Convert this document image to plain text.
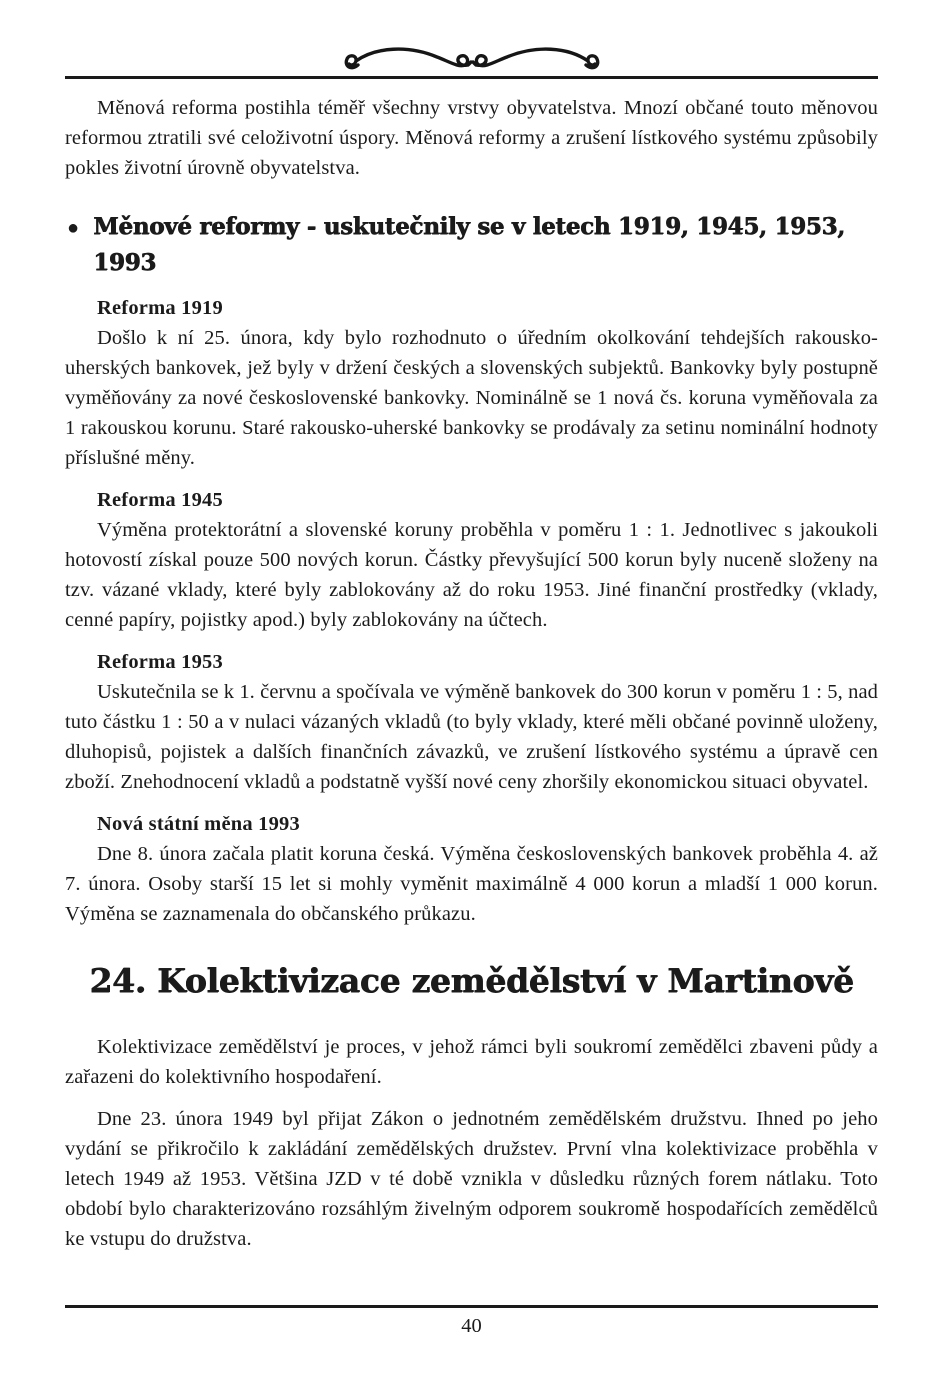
Měnová reforma postihla téměř všechny vrstvy obyvatelstva. Mnozí občané touto měnovou reformou ztratili své celoživotní úspory. Měnová reformy a zrušení lístkového systému způsobily pokles životní úrovně obyvatelstva.

● Měnové reformy - uskutečnily se v letech 1919, 1945, 1953, 1993
Reforma 1919

Došlo k ní 25. února, kdy bylo rozhodnuto o úředním okolkování tehdejších rakousko-uherských bankovek, jež byly v držení českých a slovenských subjektů. Bankovky byly postupně vyměňovány za nové československé bankovky. Nominálně se 1 nová čs. koruna vyměňovala za 1 rakouskou korunu. Staré rakousko-uherské bankovky se prodávaly za setinu nominální hodnoty příslušné měny.

Reforma 1945

Výměna protektorátní a slovenské koruny proběhla v poměru 1 : 1. Jednotlivec s jakoukoli hotovostí získal pouze 500 nových korun. Částky převyšující 500 korun byly nuceně složeny na tzv. vázané vklady, které byly zablokovány až do roku 1953. Jiné finanční prostředky (vklady, cenné papíry, pojistky apod.) byly zablokovány na účtech.

Reforma 1953

Uskutečnila se k 1. červnu a spočívala ve výměně bankovek do 300 korun v poměru 1 : 5, nad tuto částku 1 : 50 a v nulaci vázaných vkladů (to byly vklady, které měli občané povinně uloženy, dluhopisů, pojistek a dalších finančních závazků, ve zrušení lístkového systému a úpravě cen zboží. Znehodnocení vkladů a podstatně vyšší nové ceny zhoršily ekonomickou situaci obyvatel.

Nová státní měna 1993

Dne 8. února začala platit koruna česká. Výměna československých bankovek proběhla 4. až 7. února. Osoby starší 15 let si mohly vyměnit maximálně 4 000 korun a mladší 1 000 korun. Výměna se zaznamenala do občanského průkazu.

24. Kolektivizace zemědělství v Martinově

Kolektivizace zemědělství je proces, v jehož rámci byli soukromí zemědělci zbaveni půdy a zařazeni do kolektivního hospodaření.

Dne 23. února 1949 byl přijat Zákon o jednotném zemědělském družstvu. Ihned po jeho vydání se přikročilo k zakládání zemědělských družstev. První vlna kolektivizace proběhla v letech 1949 až 1953. Většina JZD v té době vznikla v důsledku různých forem nátlaku. Toto období bylo charakterizováno rozsáhlým živelným odporem soukromě hospodařících zemědělců ke vstupu do družstva.

40
